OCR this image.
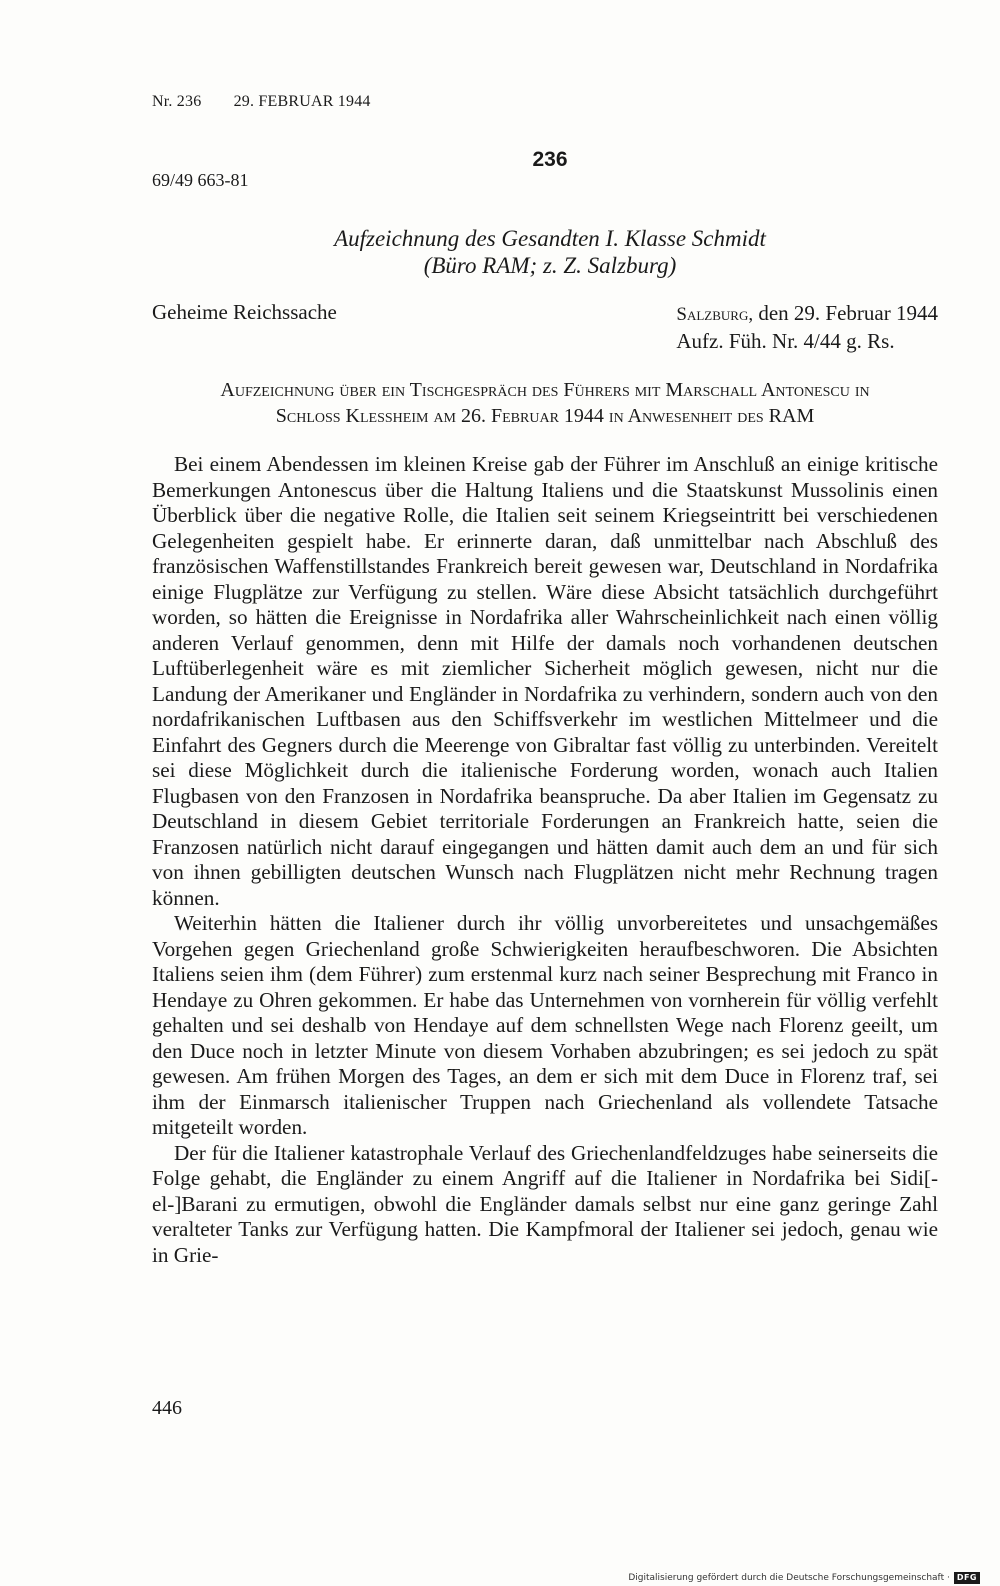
Nr. 236 29. FEBRUAR 1944
236
69/49 663-81
Aufzeichnung des Gesandten I. Klasse Schmidt
(Büro RAM; z. Z. Salzburg)
Geheime Reichssache	Salzburg, den 29. Februar 1944
Aufz. Füh. Nr. 4/44 g. Rs.
Aufzeichnung über ein Tischgespräch des Führers mit Marschall Antonescu in
Schloss Klessheim am 26. Februar 1944 in Anwesenheit des RAM

Bei einem Abendessen im kleinen Kreise gab der Führer im Anschluß an einige kritische Bemerkungen Antonescus über die Haltung Italiens und die Staatskunst Mussolinis einen Überblick über die negative Rolle, die Italien seit seinem Kriegseintritt bei verschiedenen Gelegenheiten gespielt habe. Er erinnerte daran, daß unmittelbar nach Abschluß des französischen Waffenstillstandes Frankreich bereit gewesen war, Deutschland in Nordafrika einige Flugplätze zur Verfügung zu stellen. Wäre diese Absicht tatsächlich durchgeführt worden, so hätten die Ereignisse in Nordafrika aller Wahrscheinlichkeit nach einen völlig anderen Verlauf genommen, denn mit Hilfe der damals noch vorhandenen deutschen Luftüberlegenheit wäre es mit ziemlicher Sicherheit möglich gewesen, nicht nur die Landung der Amerikaner und Engländer in Nordafrika zu verhindern, sondern auch von den nordafrikanischen Luftbasen aus den Schiffsverkehr im westlichen Mittelmeer und die Einfahrt des Gegners durch die Meerenge von Gibraltar fast völlig zu unterbinden. Vereitelt sei diese Möglichkeit durch die italienische Forderung worden, wonach auch Italien Flugbasen von den Franzosen in Nordafrika beanspruche. Da aber Italien im Gegensatz zu Deutschland in diesem Gebiet territoriale Forderungen an Frankreich hatte, seien die Franzosen natürlich nicht darauf eingegangen und hätten damit auch dem an und für sich von ihnen gebilligten deutschen Wunsch nach Flugplätzen nicht mehr Rechnung tragen können.

Weiterhin hätten die Italiener durch ihr völlig unvorbereitetes und unsachgemäßes Vorgehen gegen Griechenland große Schwierigkeiten heraufbeschworen. Die Absichten Italiens seien ihm (dem Führer) zum erstenmal kurz nach seiner Besprechung mit Franco in Hendaye zu Ohren gekommen. Er habe das Unternehmen von vornherein für völlig verfehlt gehalten und sei deshalb von Hendaye auf dem schnellsten Wege nach Florenz geeilt, um den Duce noch in letzter Minute von diesem Vorhaben abzubringen; es sei jedoch zu spät gewesen. Am frühen Morgen des Tages, an dem er sich mit dem Duce in Florenz traf, sei ihm der Einmarsch italienischer Truppen nach Griechenland als vollendete Tatsache mitgeteilt worden.

Der für die Italiener katastrophale Verlauf des Griechenlandfeldzuges habe seinerseits die Folge gehabt, die Engländer zu einem Angriff auf die Italiener in Nordafrika bei Sidi[-el-]Barani zu ermutigen, obwohl die Engländer damals selbst nur eine ganz geringe Zahl veralteter Tanks zur Verfügung hatten. Die Kampfmoral der Italiener sei jedoch, genau wie in Grie-

446
Digitalisierung gefördert durch die Deutsche Forschungsgemeinschaft · DFG
